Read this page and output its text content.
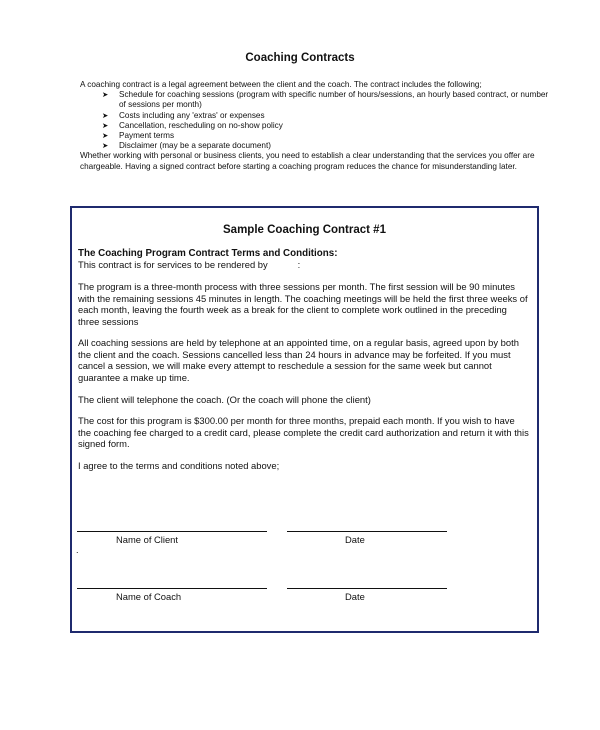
Coaching Contracts

A coaching contract is a legal agreement between the client and the coach. The contract includes the following;

➤ Schedule for coaching sessions (program with specific number of hours/sessions, an hourly based contract, or number of sessions per month)
➤ Costs including any 'extras' or expenses
➤ Cancellation, rescheduling on no-show policy
➤ Payment terms
➤ Disclaimer (may be a separate document)

Whether working with personal or business clients, you need to establish a clear understanding that the services you offer are chargeable. Having a signed contract before starting a coaching program reduces the chance for misunderstanding later.

Sample Coaching Contract #1

The Coaching Program Contract Terms and Conditions:

This contract is for services to be rendered by	:

The program is a three-month process with three sessions per month. The first session will be 90 minutes with the remaining sessions 45 minutes in length. The coaching meetings will be held the first three weeks of each month, leaving the fourth week as a break for the client to complete work outlined in the preceding three sessions

All coaching sessions are held by telephone at an appointed time, on a regular basis, agreed upon by both the client and the coach. Sessions cancelled less than 24 hours in advance may be forfeited. If you must cancel a session, we will make every attempt to reschedule a session for the same week but cannot guarantee a make up time.

The client will telephone the coach. (Or the coach will phone the client)

The cost for this program is $300.00 per month for three months, prepaid each month. If you wish to have the coaching fee charged to a credit card, please complete the credit card authorization and return it with this signed form.

I agree to the terms and conditions noted above;

Name of Client	Date
.
Name of Coach	Date
